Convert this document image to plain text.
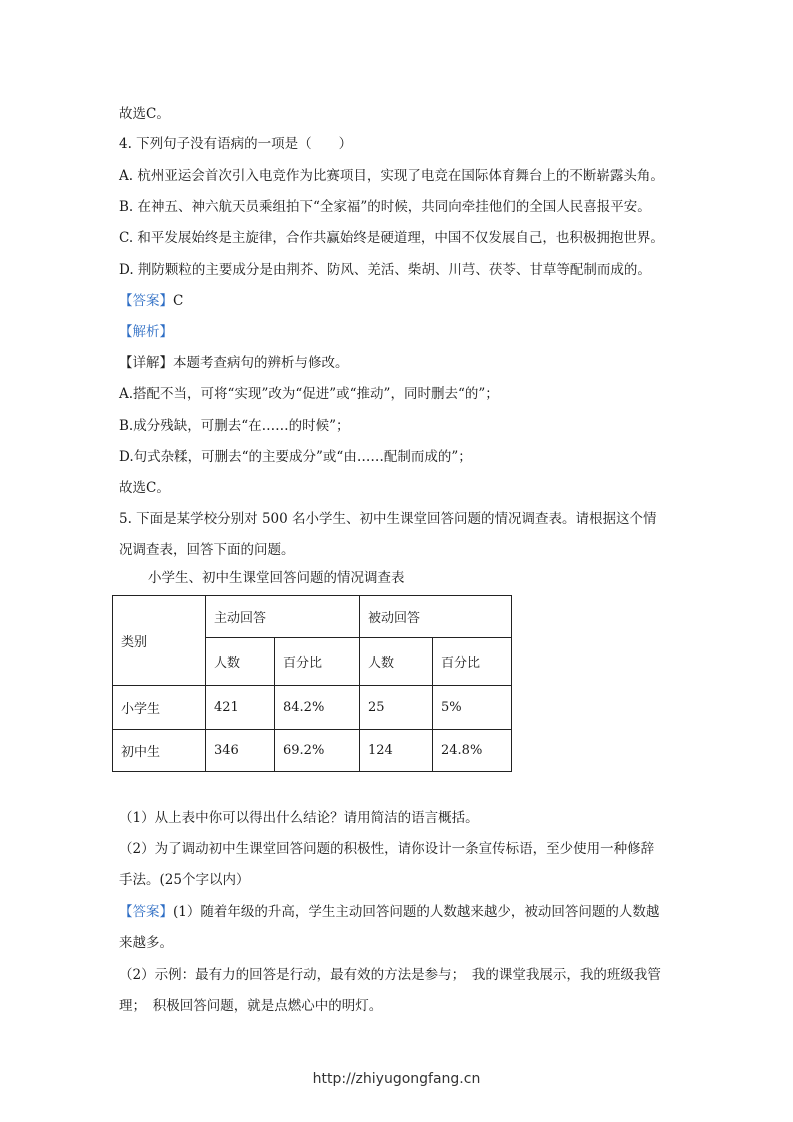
故选C。
4. 下列句子没有语病的一项是（　　）
A. 杭州亚运会首次引入电竞作为比赛项目，实现了电竞在国际体育舞台上的不断崭露头角。
B. 在神五、神六航天员乘组拍下“全家福”的时候，共同向牵挂他们的全国人民喜报平安。
C. 和平发展始终是主旋律，合作共赢始终是硬道理，中国不仅发展自己，也积极拥抱世界。
D. 荆防颗粒的主要成分是由荆芥、防风、羌活、柴胡、川芎、茯苓、甘草等配制而成的。
【答案】C
【解析】
【详解】本题考查病句的辨析与修改。
A.搭配不当，可将“实现”改为“促进”或“推动”，同时删去“的”；
B.成分残缺，可删去“在……的时候”；
D.句式杂糅，可删去“的主要成分”或“由……配制而成的”；
故选C。
5. 下面是某学校分别对 500 名小学生、初中生课堂回答问题的情况调查表。请根据这个情
况调查表，回答下面的问题。
小学生、初中生课堂回答问题的情况调查表
类别	主动回答		被动回答	
	人数	百分比	人数	百分比
小学生	421	84.2%	25	5%
初中生	346	69.2%	124	24.8%
（1）从上表中你可以得出什么结论？请用简洁的语言概括。
（2）为了调动初中生课堂回答问题的积极性，请你设计一条宣传标语，至少使用一种修辞
手法。(25个字以内）
【答案】(1）随着年级的升高，学生主动回答问题的人数越来越少，被动回答问题的人数越
来越多。
（2）示例：最有力的回答是行动，最有效的方法是参与；　我的课堂我展示，我的班级我管
理；　积极回答问题，就是点燃心中的明灯。
http://zhiyugongfang.cn
